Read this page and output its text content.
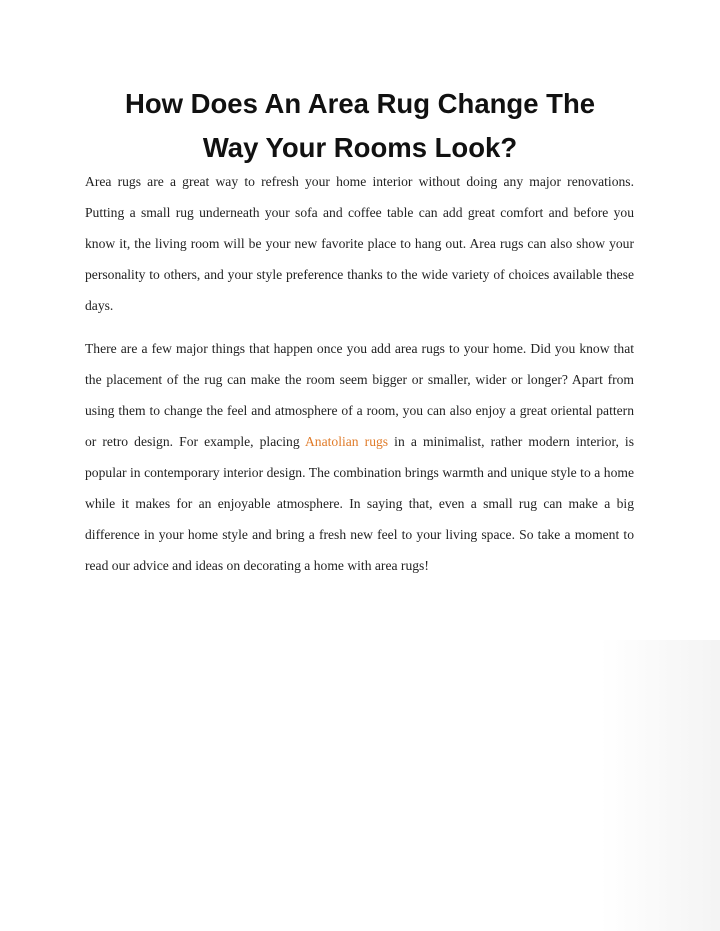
How Does An Area Rug Change The
Way Your Rooms Look?

Area rugs are a great way to refresh your home interior without doing any major renovations. Putting a small rug underneath your sofa and coffee table can add great comfort and before you know it, the living room will be your new favorite place to hang out. Area rugs can also show your personality to others, and your style preference thanks to the wide variety of choices available these days.

There are a few major things that happen once you add area rugs to your home. Did you know that the placement of the rug can make the room seem bigger or smaller, wider or longer? Apart from using them to change the feel and atmosphere of a room, you can also enjoy a great oriental pattern or retro design. For example, placing Anatolian rugs in a minimalist, rather modern interior, is popular in contemporary interior design. The combination brings warmth and unique style to a home while it makes for an enjoyable atmosphere. In saying that, even a small rug can make a big difference in your home style and bring a fresh new feel to your living space. So take a moment to read our advice and ideas on decorating a home with area rugs!
